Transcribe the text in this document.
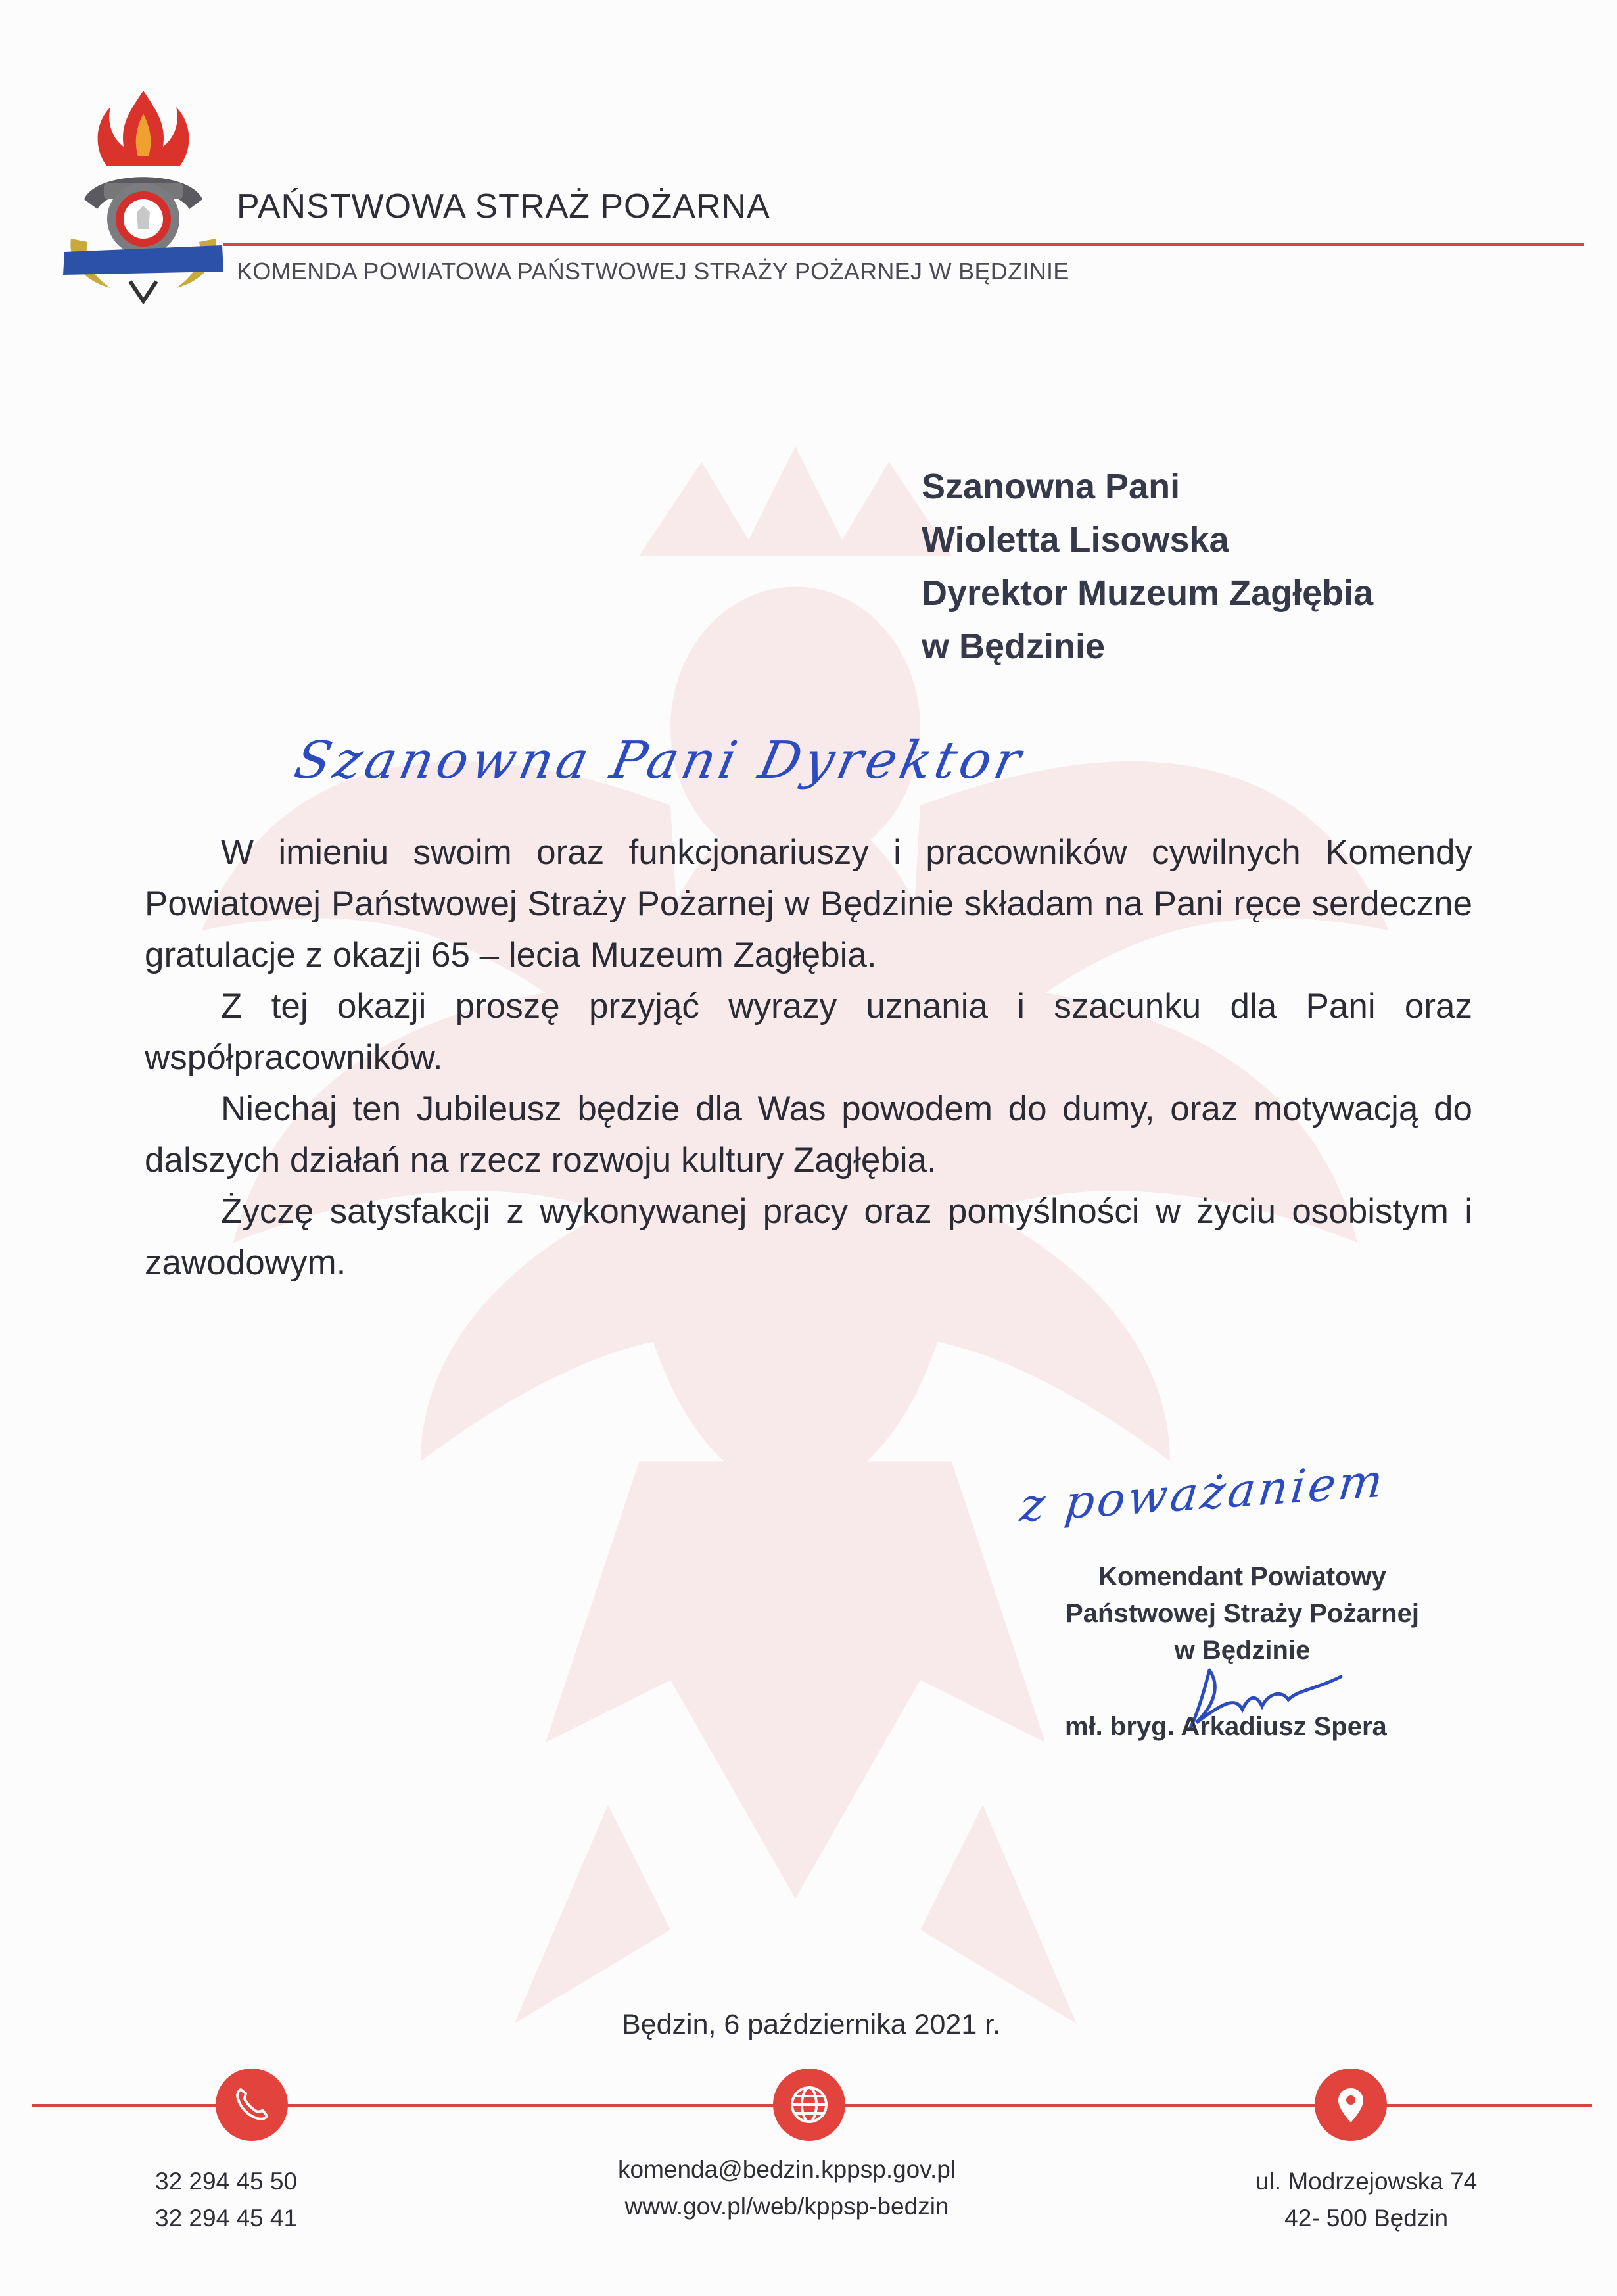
PAŃSTWOWA STRAŻ POŻARNA
KOMENDA POWIATOWA PAŃSTWOWEJ STRAŻY POŻARNEJ W BĘDZINIE
Szanowna Pani
Wioletta Lisowska
Dyrektor Muzeum Zagłębia
w Będzinie
Szanowna Pani Dyrektor

W imieniu swoim oraz funkcjonariuszy i pracowników cywilnych Komendy Powiatowej Państwowej Straży Pożarnej w Będzinie składam na Pani ręce serdeczne gratulacje z okazji 65 – lecia Muzeum Zagłębia.

Z tej okazji proszę przyjąć wyrazy uznania i szacunku dla Pani oraz współpracowników.

Niechaj ten Jubileusz będzie dla Was powodem do dumy, oraz motywacją do dalszych działań na rzecz rozwoju kultury Zagłębia.

Życzę satysfakcji z wykonywanej pracy oraz pomyślności w życiu osobistym i zawodowym.

z poważaniem
Komendant Powiatowy
Państwowej Straży Pożarnej
w Będzinie
mł. bryg. Arkadiusz Spera
Będzin, 6 października 2021 r.
32 294 45 50
32 294 45 41
komenda@bedzin.kppsp.gov.pl
www.gov.pl/web/kppsp-bedzin
ul. Modrzejowska 74
42- 500 Będzin
